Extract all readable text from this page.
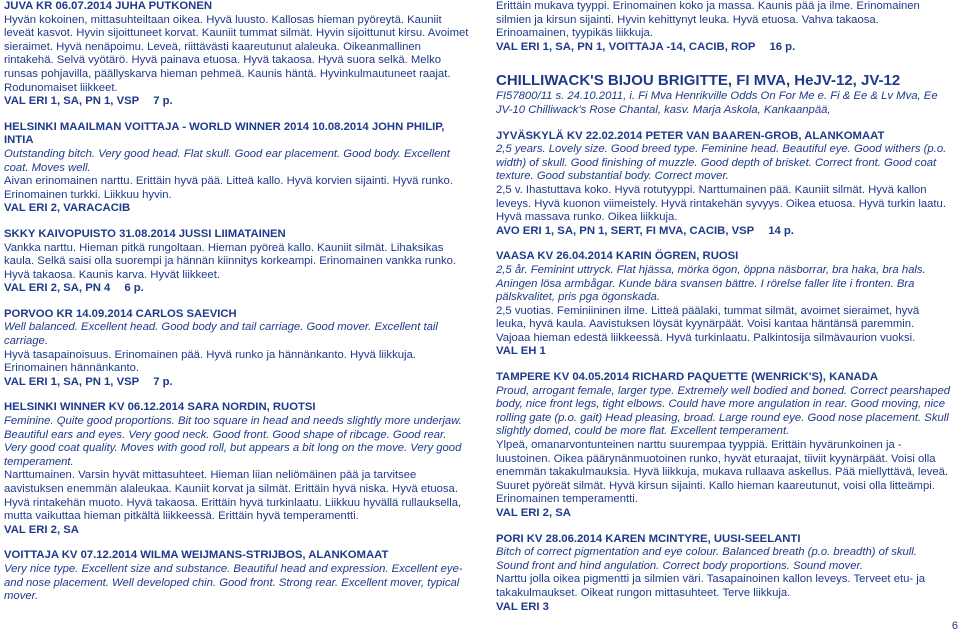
JUVA KR 06.07.2014 JUHA PUTKONEN

Hyvän kokoinen, mittasuhteiltaan oikea. Hyvä luusto. Kallosas hieman pyöreytä. Kauniit leveät kasvot. Hyvin sijoittuneet korvat. Kauniit tummat silmät. Hyvin sijoittunut kirsu. Avoimet sieraimet. Hyvä nenäpoimu. Leveä, riittävästi kaareutunut alaleuka. Oikeanmallinen rintakehä. Selvä vyötärö. Hyvä painava etuosa. Hyvä takaosa. Hyvä suora selkä. Melko runsas pohjavilla, päällyskarva hieman pehmeä. Kaunis häntä. Hyvinkulmautuneet raajat. Rodunomaiset liikkeet.

VAL ERI 1, SA, PN 1, VSP 7 p.

HELSINKI MAAILMAN VOITTAJA - WORLD WINNER 2014 10.08.2014 JOHN PHILIP, INTIA

Outstanding bitch. Very good head. Flat skull. Good ear placement. Good body. Excellent coat. Moves well.

Aivan erinomainen narttu. Erittäin hyvä pää. Litteä kallo. Hyvä korvien sijainti. Hyvä runko. Erinomainen turkki. Liikkuu hyvin.

VAL ERI 2, VARACACIB

SKKY KAIVOPUISTO 31.08.2014 JUSSI LIIMATAINEN

Vankka narttu. Hieman pitkä rungoltaan. Hieman pyöreä kallo. Kauniit silmät. Lihaksikas kaula. Selkä saisi olla suorempi ja hännän kiinnitys korkeampi. Erinomainen vankka runko. Hyvä takaosa. Kaunis karva. Hyvät liikkeet.

VAL ERI 2, SA, PN 4 6 p.

PORVOO KR 14.09.2014 CARLOS SAEVICH

Well balanced. Excellent head. Good body and tail carriage. Good mover. Excellent tail carriage.

Hyvä tasapainoisuus. Erinomainen pää. Hyvä runko ja hännänkanto. Hyvä liikkuja. Erinomainen hännänkanto.

VAL ERI 1, SA, PN 1, VSP 7 p.

HELSINKI WINNER KV 06.12.2014 SARA NORDIN, RUOTSI

Feminine. Quite good proportions. Bit too square in head and needs slightly more underjaw. Beautiful ears and eyes. Very good neck. Good front. Good shape of ribcage. Good rear. Very good coat quality. Moves with good roll, but appears a bit long on the move. Very good temperament.

Narttumainen. Varsin hyvät mittasuhteet. Hieman liian neliömäinen pää ja tarvitsee aavistuksen enemmän alaleukaa. Kauniit korvat ja silmät. Erittäin hyvä niska. Hyvä etuosa. Hyvä rintakehän muoto. Hyvä takaosa. Erittäin hyvä turkinlaatu. Liikkuu hyvällä rullauksella, mutta vaikuttaa hieman pitkältä liikkeessä. Erittäin hyvä temperamentti.

VAL ERI 2, SA

VOITTAJA KV 07.12.2014 WILMA WEIJMANS-STRIJBOS, ALANKOMAAT

Very nice type. Excellent size and substance. Beautiful head and expression. Excellent eye- and nose placement. Well developed chin. Good front. Strong rear. Excellent mover, typical mover.

Erittäin mukava tyyppi. Erinomainen koko ja massa. Kaunis pää ja ilme. Erinomainen silmien ja kirsun sijainti. Hyvin kehittynyt leuka. Hyvä etuosa. Vahva takaosa. Erinoamainen, tyypikäs liikkuja.

VAL ERI 1, SA, PN 1, VOITTAJA -14, CACIB, ROP 16 p.

CHILLIWACK'S BIJOU BRIGITTE, FI MVA, HeJV-12, JV-12

FI57800/11 s. 24.10.2011, i. Fi Mva Henrikville Odds On For Me e. Fi & Ee & Lv Mva, Ee JV-10 Chilliwack's Rose Chantal, kasv. Marja Askola, Kankaanpää,

JYVÄSKYLÄ KV 22.02.2014 PETER VAN BAAREN-GROB, ALANKOMAAT

2,5 years. Lovely size. Good breed type. Feminine head. Beautiful eye. Good withers (p.o. width) of skull. Good finishing of muzzle. Good depth of brisket. Correct front. Good coat texture. Good substantial body. Correct mover.

2,5 v. Ihastuttava koko. Hyvä rotutyyppi. Narttumainen pää. Kauniit silmät. Hyvä kallon leveys. Hyvä kuonon viimeistely. Hyvä rintakehän syvyys. Oikea etuosa. Hyvä turkin laatu. Hyvä massava runko. Oikea liikkuja.

AVO ERI 1, SA, PN 1, SERT, FI MVA, CACIB, VSP 14 p.

VAASA KV 26.04.2014 KARIN ÖGREN, RUOSI

2,5 år. Feminint uttryck. Flat hjässa, mörka ögon, öppna näsborrar, bra haka, bra hals. Aningen lösa armbågar. Kunde bära svansen bättre. I rörelse faller lite i fronten. Bra pälskvalitet, pris pga ögonskada.

2,5 vuotias. Feminiininen ilme. Litteä päälaki, tummat silmät, avoimet sieraimet, hyvä leuka, hyvä kaula. Aavistuksen löysät kyynärpäät. Voisi kantaa häntänsä paremmin. Vajoaa hieman edestä liikkeessä. Hyvä turkinlaatu. Palkintosija silmävaurion vuoksi.

VAL EH 1

TAMPERE KV 04.05.2014 RICHARD PAQUETTE (WENRICK'S), KANADA

Proud, arrogant female, larger type. Extremely well bodied and boned. Correct pearshaped body, nice front legs, tight elbows. Could have more angulation in rear. Good moving, nice rolling gate (p.o. gait) Head pleasing, broad. Large round eye. Good nose placement. Skull slightly domed, could be more flat. Excellent temperament.

Ylpeä, omanarvontunteinen narttu suurempaa tyyppiä. Erittäin hyvärunkoinen ja -luustoinen. Oikea päärynänmuotoinen runko, hyvät eturaajat, tiiviit kyynärpäät. Voisi olla enemmän takakulmauksia. Hyvä liikkuja, mukava rullaava askellus. Pää miellyttävä, leveä. Suuret pyöreät silmät. Hyvä kirsun sijainti. Kallo hieman kaareutunut, voisi olla litteämpi. Erinomainen temperamentti.

VAL ERI 2, SA

PORI KV 28.06.2014 KAREN MCINTYRE, UUSI-SEELANTI

Bitch of correct pigmentation and eye colour. Balanced breath (p.o. breadth) of skull. Sound front and hind angulation. Correct body proportions. Sound mover.

Narttu jolla oikea pigmentti ja silmien väri. Tasapainoinen kallon leveys. Terveet etu- ja takakulmaukset. Oikeat rungon mittasuhteet. Terve liikkuja.

VAL ERI 3

6
